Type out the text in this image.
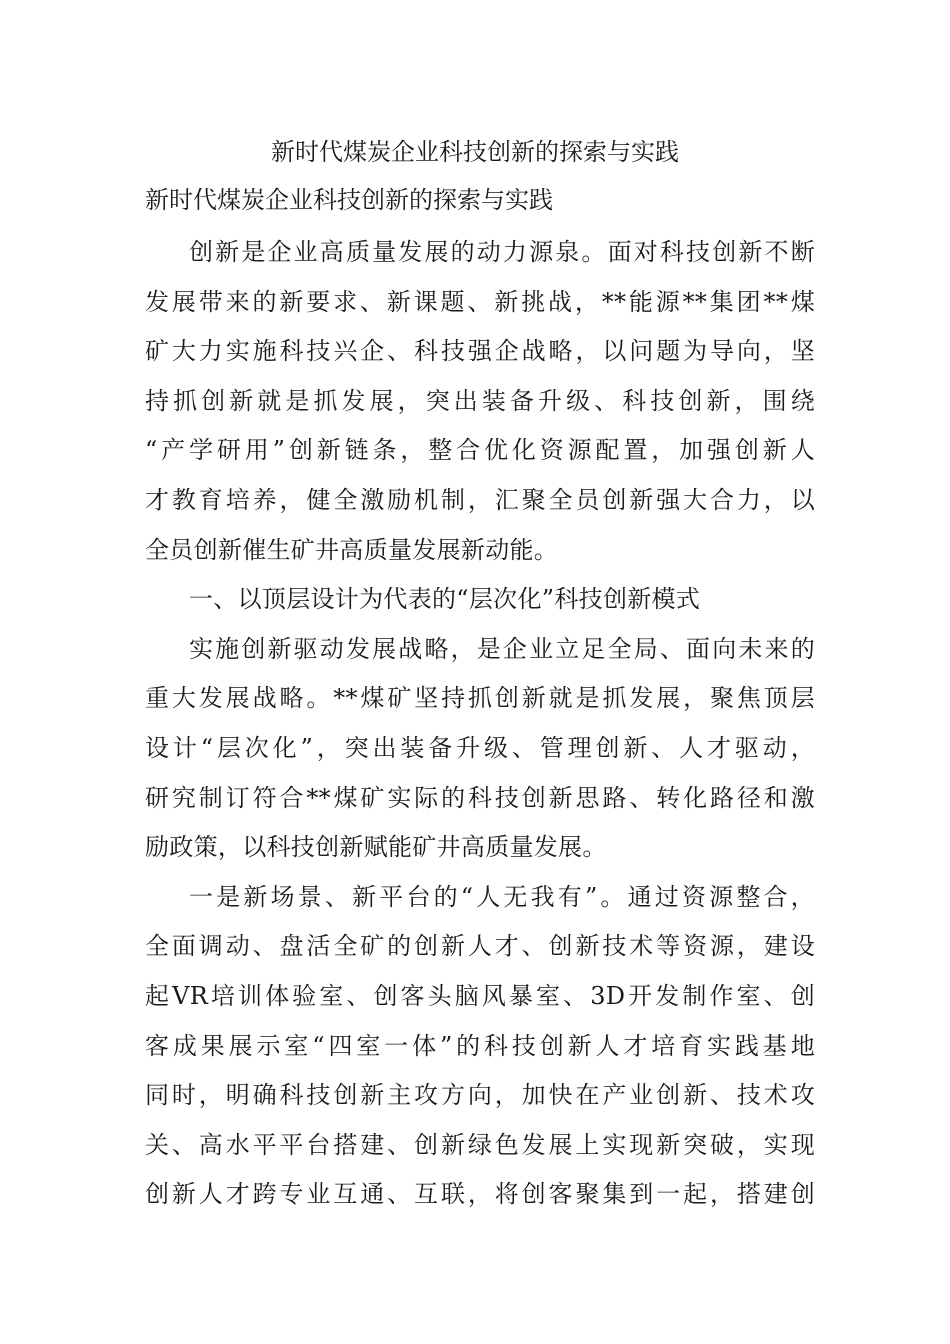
新时代煤炭企业科技创新的探索与实践
新时代煤炭企业科技创新的探索与实践
创新是企业高质量发展的动力源泉。面对科技创新不断
发展带来的新要求、新课题、新挑战，**能源**集团**煤
矿大力实施科技兴企、科技强企战略，以问题为导向，坚
持抓创新就是抓发展，突出装备升级、科技创新，围绕
“产学研用”创新链条，整合优化资源配置，加强创新人
才教育培养，健全激励机制，汇聚全员创新强大合力，以
全员创新催生矿井高质量发展新动能。
一、以顶层设计为代表的“层次化”科技创新模式
实施创新驱动发展战略，是企业立足全局、面向未来的
重大发展战略。**煤矿坚持抓创新就是抓发展，聚焦顶层
设计“层次化”，突出装备升级、管理创新、人才驱动，
研究制订符合**煤矿实际的科技创新思路、转化路径和激
励政策，以科技创新赋能矿井高质量发展。
一是新场景、新平台的“人无我有”。通过资源整合，
全面调动、盘活全矿的创新人才、创新技术等资源，建设
起VR培训体验室、创客头脑风暴室、3D开发制作室、创
客成果展示室“四室一体”的科技创新人才培育实践基地
同时，明确科技创新主攻方向，加快在产业创新、技术攻
关、高水平平台搭建、创新绿色发展上实现新突破，实现
创新人才跨专业互通、互联，将创客聚集到一起，搭建创
